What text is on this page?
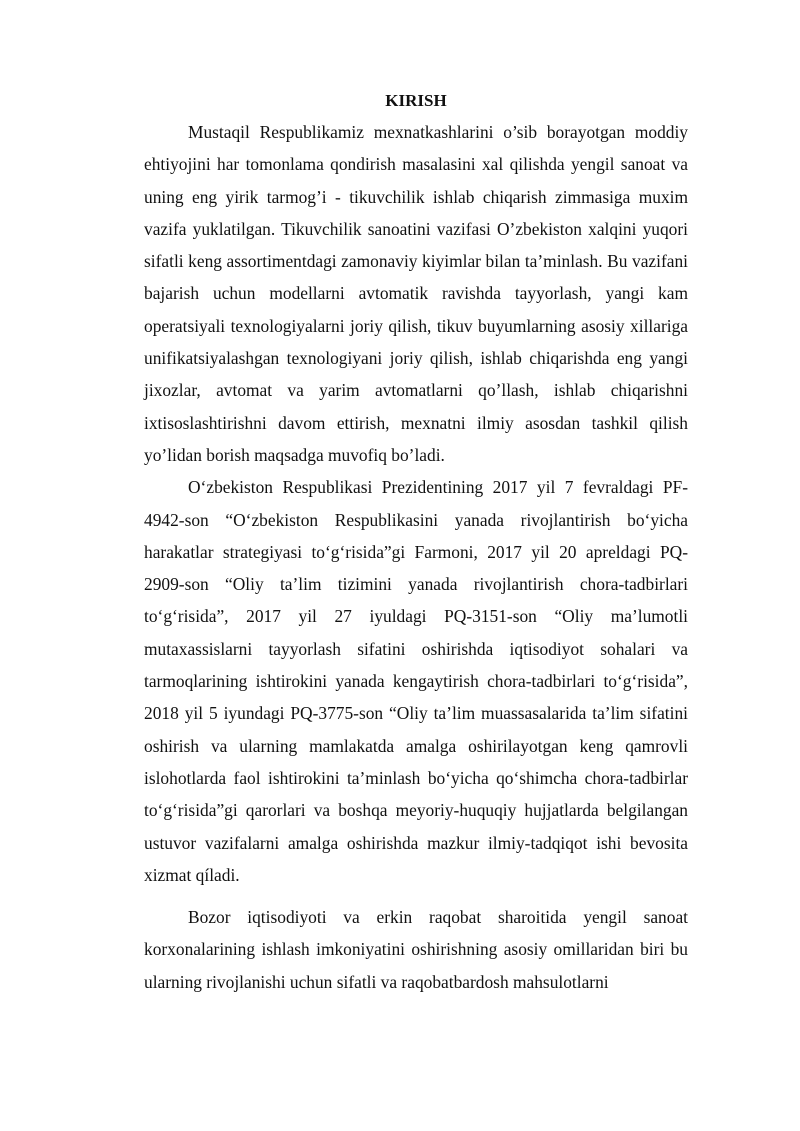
KIRISH

Mustaqil Respublikamiz mexnatkashlarini o’sib borayotgan moddiy ehtiyojini har tomonlama qondirish masalasini xal qilishda yengil sanoat va uning eng yirik tarmog’i - tikuvchilik ishlab chiqarish zimmasiga muxim vazifa yuklatilgan. Tikuvchilik sanoatini vazifasi O’zbekiston xalqini yuqori sifatli keng assortimentdagi zamonaviy kiyimlar bilan ta’minlash. Bu vazifani bajarish uchun modellarni avtomatik ravishda tayyorlash, yangi kam operatsiyali texnologiyalarni joriy qilish, tikuv buyumlarning asosiy xillariga unifikatsiyalashgan texnologiyani joriy qilish, ishlab chiqarishda eng yangi jixozlar, avtomat va yarim avtomatlarni qo’llash, ishlab chiqarishni ixtisoslashtirishni davom ettirish, mexnatni ilmiy asosdan tashkil qilish yo’lidan borish maqsadga muvofiq bo’ladi.

O‘zbekiston Respublikasi Prezidentining 2017 yil 7 fevraldagi PF-4942-son “O‘zbekiston Respublikasini yanada rivojlantirish bo‘yicha harakatlar strategiyasi to‘g‘risida”gi Farmoni, 2017 yil 20 apreldagi PQ-2909-son “Oliy ta’lim tizimini yanada rivojlantirish chora-tadbirlari to‘g‘risida”, 2017 yil 27 iyuldagi PQ-3151-son “Oliy ma’lumotli mutaxassislarni tayyorlash sifatini oshirishda iqtisodiyot sohalari va tarmoqlarining ishtirokini yanada kengaytirish chora-tadbirlari to‘g‘risida”, 2018 yil 5 iyundagi PQ-3775-son “Oliy ta’lim muassasalarida ta’lim sifatini oshirish va ularning mamlakatda amalga oshirilayotgan keng qamrovli islohotlarda faol ishtirokini ta’minlash bo‘yicha qo‘shimcha chora-tadbirlar to‘g‘risida”gi qarorlari va boshqa meyoriy-huquqiy hujjatlarda belgilangan ustuvor vazifalarni amalga oshirishda mazkur ilmiy-tadqiqot ishi bevosita xizmat qíladi.

Bozor iqtisodiyoti va erkin raqobat sharoitida yengil sanoat korxonalarining ishlash imkoniyatini oshirishning asosiy omillaridan biri bu ularning rivojlanishi uchun sifatli va raqobatbardosh mahsulotlarni
